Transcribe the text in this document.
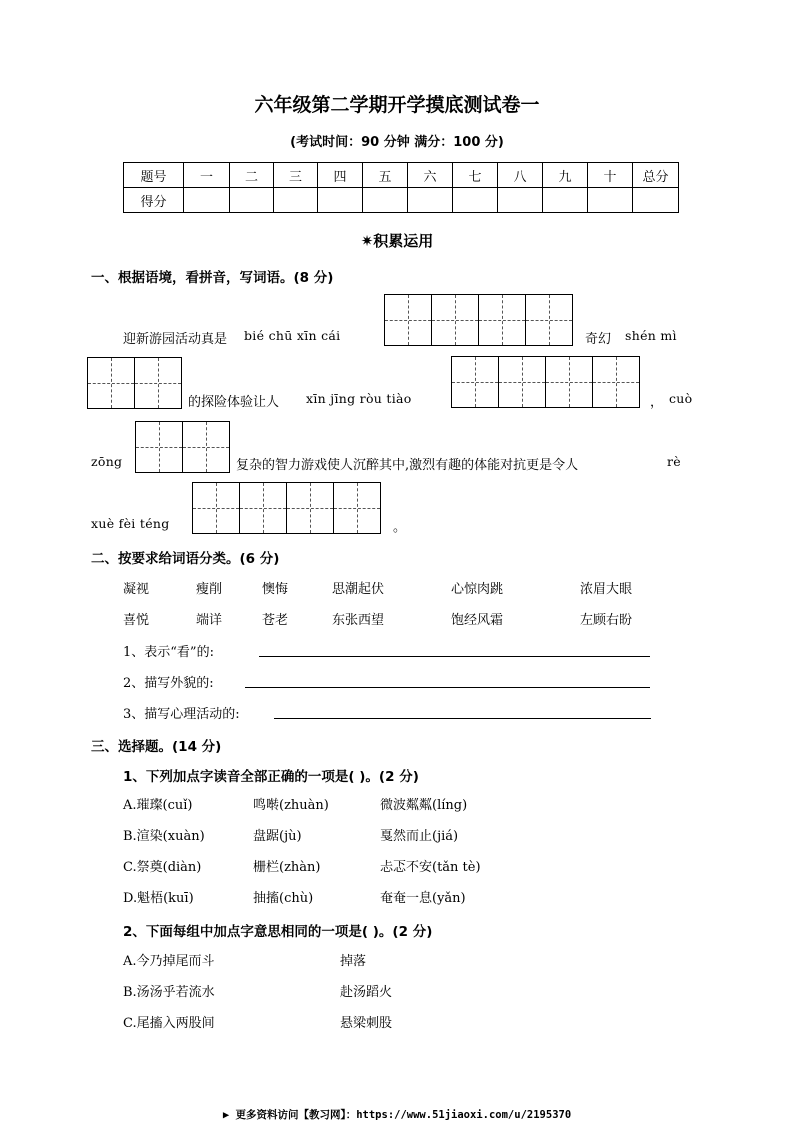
六年级第二学期开学摸底测试卷一
(考试时间：90 分钟 满分：100 分)
题号	一	二	三	四	五	六	七	八	九	十	总分
得分											
✷积累运用
一、根据语境，看拼音，写词语。(8 分)
迎新游园活动真是 bié chū xīn cái	奇幻 shén mì
的探险体验让人 xīn jīng ròu tiào	， cuò
zōng	复杂的智力游戏使人沉醉其中,激烈有趣的体能对抗更是令人	rè
xuè fèi téng	。
二、按要求给词语分类。(6 分)
凝视	瘦削	懊悔	思潮起伏	心惊肉跳	浓眉大眼
喜悦	端详	苍老	东张西望	饱经风霜	左顾右盼
1、表示“看”的:
2、描写外貌的:
3、描写心理活动的:
三、选择题。(14 分)
1、下列加点字读音全部正确的一项是( )。(2 分)
A.璀璨(cuǐ)	鸣啭(zhuàn)	微波粼粼(líng)
B.渲染(xuàn)	盘踞(jù)	戛然而止(jiá)
C.祭奠(diàn)	栅栏(zhàn)	忐忑不安(tǎn tè)
D.魁梧(kuī)	抽搐(chù)	奄奄一息(yǎn)
2、下面每组中加点字意思相同的一项是( )。(2 分)
A.今乃掉尾而斗	掉落
B.汤汤乎若流水	赴汤蹈火
C.尾搐入两股间	悬梁刺股
▶ 更多资料访问【教习网】：https://www.51jiaoxi.com/u/2195370
